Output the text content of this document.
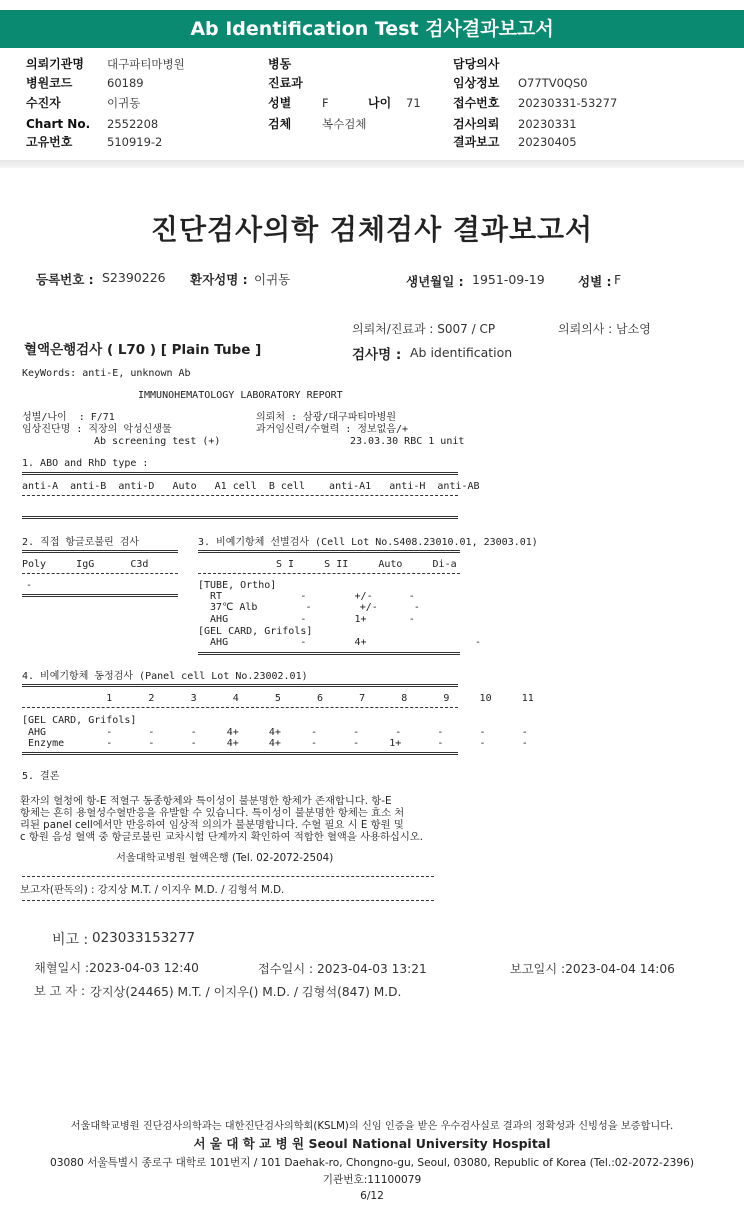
Ab Identification Test 검사결과보고서
의뢰기관명 대구파티마병원
병원코드	60189
수진자	이귀동
Chart No. 2552208
고유번호	510919-2
병동
진료과
성별	F	나이 71
검체	복수검체
담당의사
임상정보 O77TV0QS0
접수번호 20230331-53277
검사의뢰 20230331
결과보고 20230405
진단검사의학 검체검사 결과보고서
등록번호 : S2390226 환자성명 : 이귀동	생년월일 : 1951-09-19	성별 : F
의뢰처/진료과 : S007 / CP	의뢰의사 : 남소영
혈액은행검사 ( L70 ) [ Plain Tube ]	검사명 : Ab identification
KeyWords: anti-E, unknown Ab
IMMUNOHEMATOLOGY LABORATORY REPORT
성별/나이  : F/71	의뢰처 : 삼광/대구파티마병원
임상진단명 : 직장의 악성신생물	과거임신력/수혈력 : 정보없음/+
Ab screening test (+)	23.03.30 RBC 1 unit
1. ABO and RhD type :
anti-A  anti-B  anti-D   Auto   A1 cell  B cell    anti-A1   anti-H  anti-AB
2. 직접 항글로불린 검사
Poly     IgG      C3d
-
3. 비예기항체 선별검사 (Cell Lot No.S408.23010.01, 23003.01)
S I     S II     Auto     Di-a
[TUBE, Ortho]
RT             -        +/-      -
37℃ Alb        -        +/-      -
AHG            -        1+       -
[GEL CARD, Grifols]
AHG            -        4+                  -
4. 비예기항체 동정검사 (Panel cell Lot No.23002.01)
1      2      3      4      5      6      7      8      9     10     11
[GEL CARD, Grifols]
AHG          -      -      -     4+     4+     -      -      -      -      -      -
Enzyme       -      -      -     4+     4+     -      -     1+      -      -      -
5. 결론
환자의 혈청에 항-E 적혈구 동종항체와 특이성이 불분명한 항체가 존재합니다. 항-E
항체는 흔히 용혈성수혈반응을 유발할 수 있습니다. 특이성이 불분명한 항체는 효소 처
리된 panel cell에서만 반응하여 임상적 의의가 불분명합니다. 수혈 필요 시 E 항원 및
c 항원 음성 혈액 중 항글로불린 교차시험 단계까지 확인하여 적합한 혈액을 사용하십시오.
서울대학교병원 혈액은행 (Tel. 02-2072-2504)
보고자(판독의) : 강지상 M.T. / 이지우 M.D. / 김형석 M.D.
비고 : 023033153277
채혈일시 :2023-04-03 12:40	접수일시 : 2023-04-03 13:21	보고일시 :2023-04-04 14:06
보 고 자 : 강지상(24465) M.T. / 이지우() M.D. / 김형석(847) M.D.
서울대학교병원 진단검사의학과는 대한진단검사의학회(KSLM)의 신임 인증을 받은 우수검사실로 결과의 정확성과 신빙성을 보증합니다.
서 울 대 학 교 병 원 Seoul National University Hospital
03080 서울특별시 종로구 대학로 101번지 / 101 Daehak-ro, Chongno-gu, Seoul, 03080, Republic of Korea (Tel.:02-2072-2396)
기관번호:11100079
6/12
